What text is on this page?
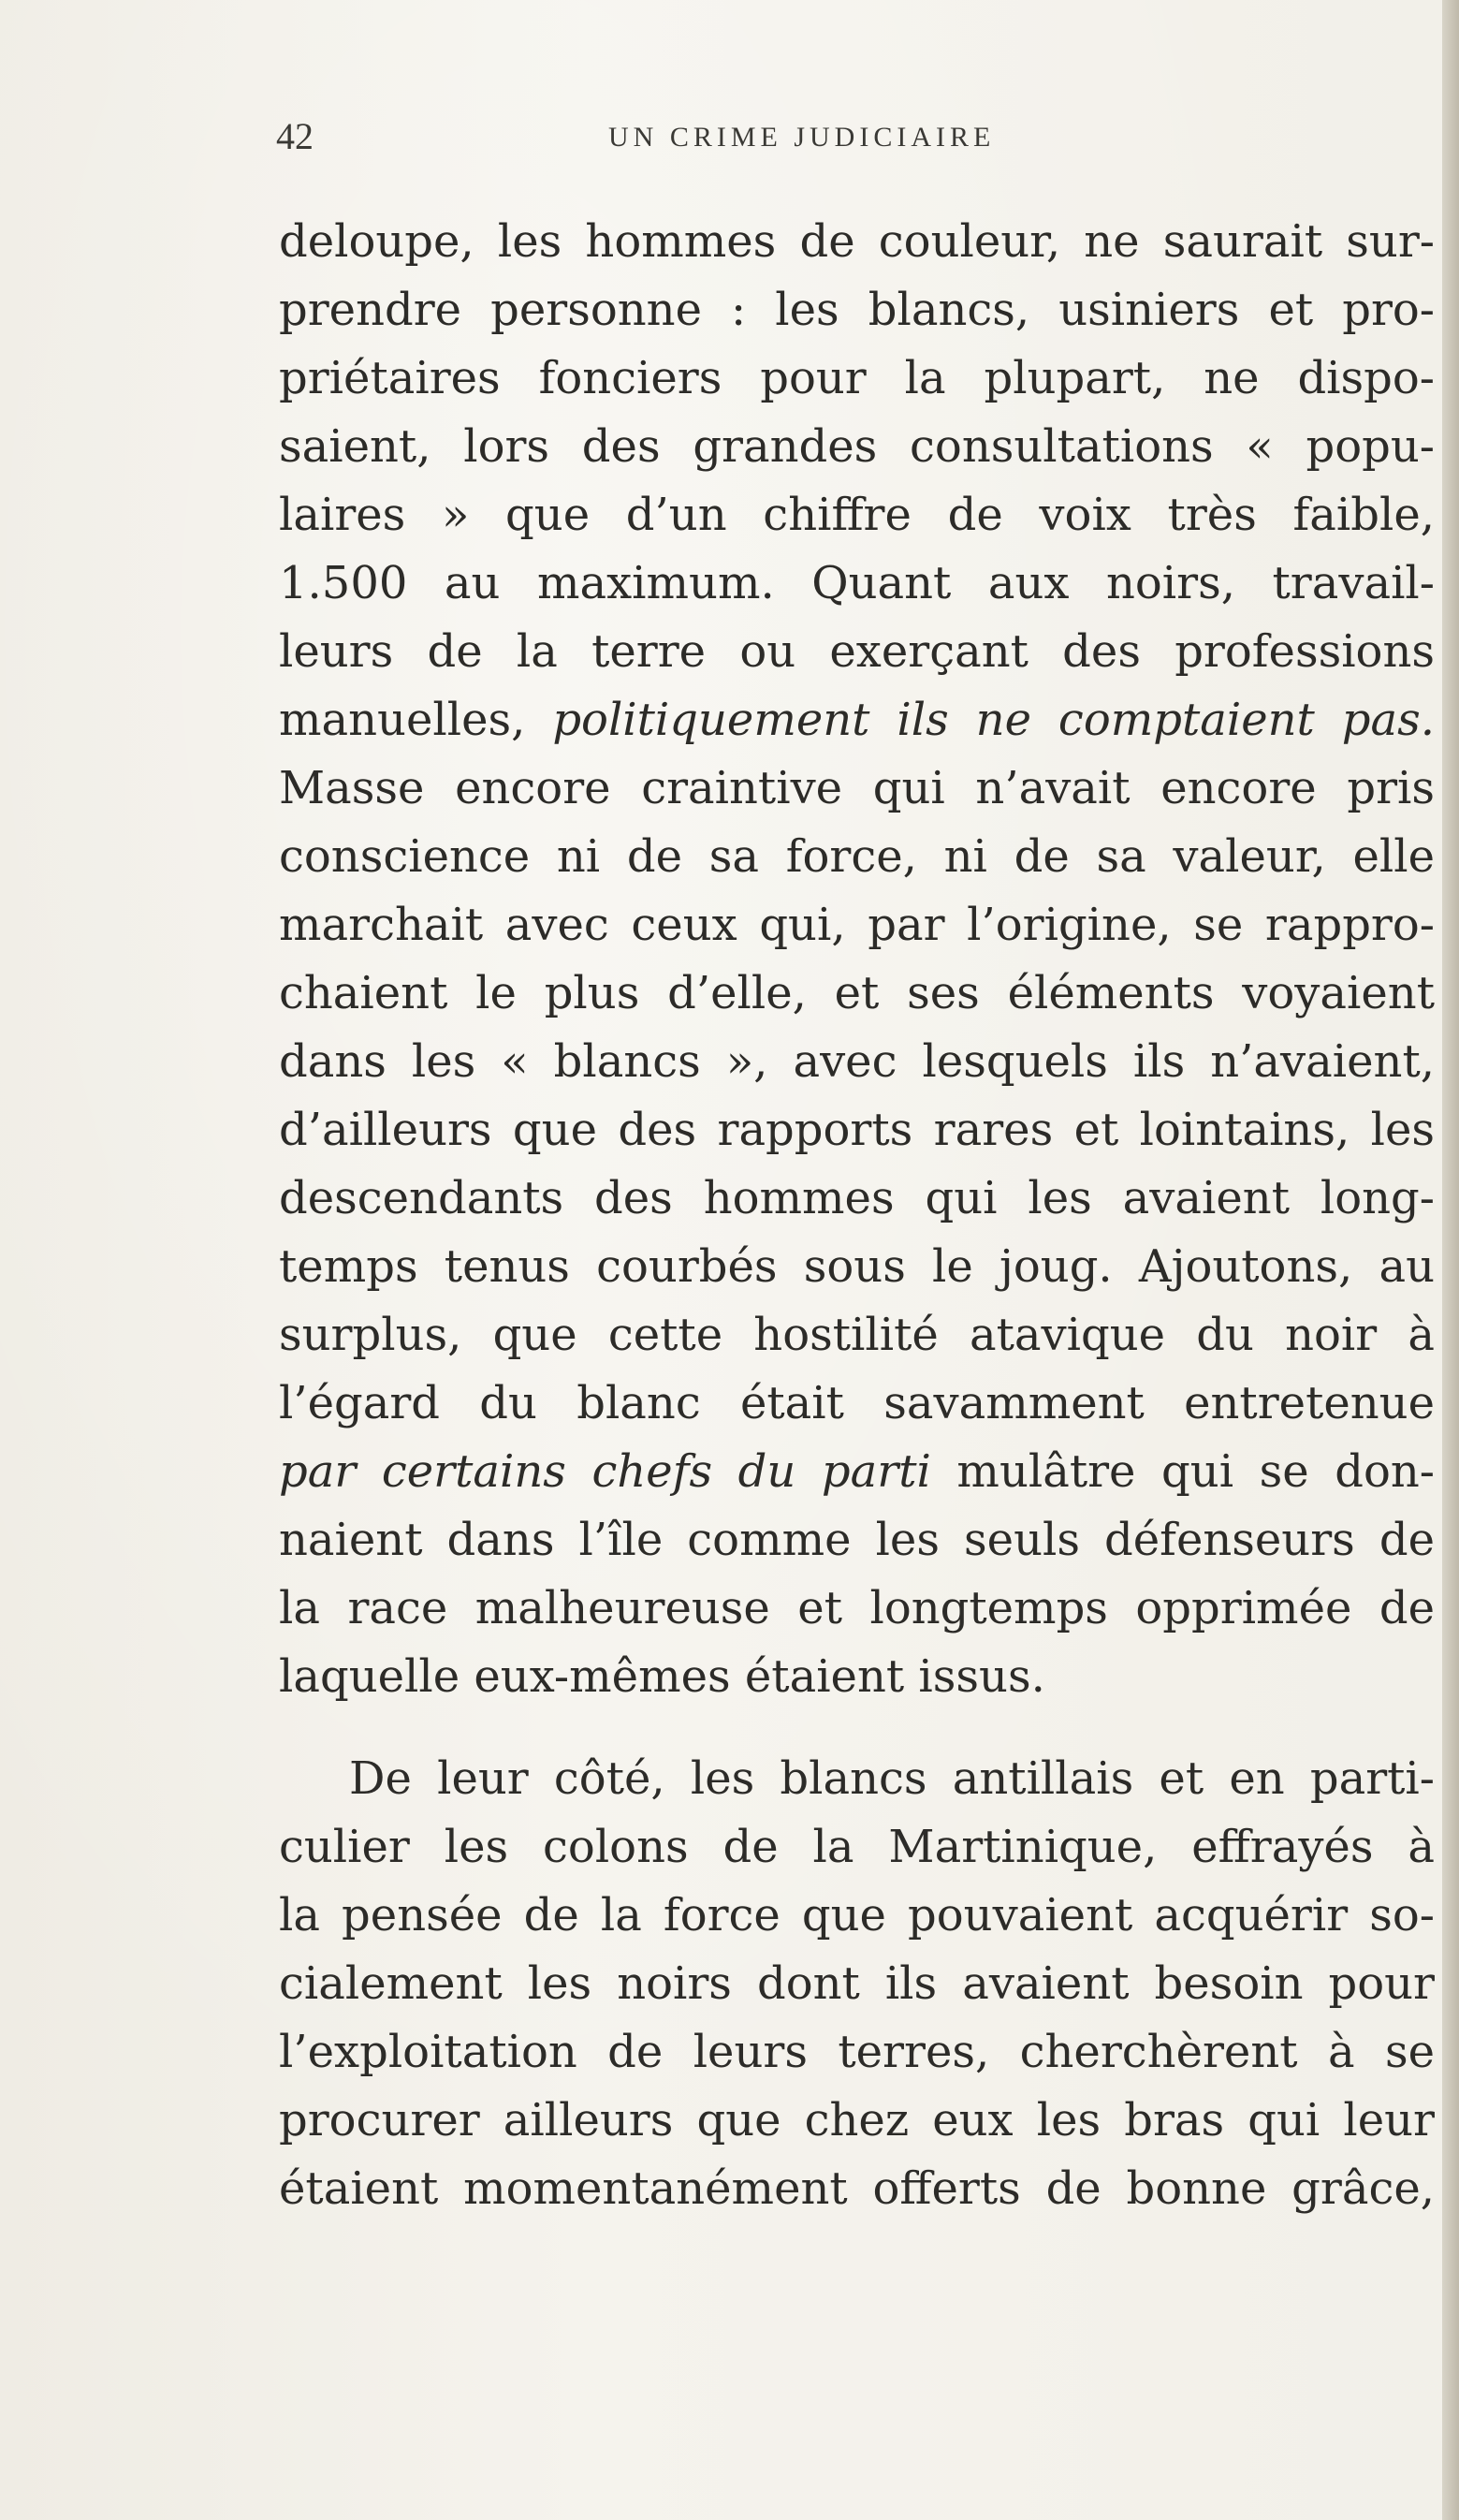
42	UN CRIME JUDICIAIRE
deloupe, les hommes de couleur, ne saurait sur-
prendre personne : les blancs, usiniers et pro-
priétaires fonciers pour la plupart, ne dispo-
saient, lors des grandes consultations « popu-
laires » que d’un chiffre de voix très faible,
1.500 au maximum. Quant aux noirs, travail-
leurs de la terre ou exerçant des professions
manuelles, politiquement ils ne comptaient pas.
Masse encore craintive qui n’avait encore pris
conscience ni de sa force, ni de sa valeur, elle
marchait avec ceux qui, par l’origine, se rappro-
chaient le plus d’elle, et ses éléments voyaient
dans les « blancs », avec lesquels ils n’avaient,
d’ailleurs que des rapports rares et lointains, les
descendants des hommes qui les avaient long-
temps tenus courbés sous le joug. Ajoutons, au
surplus, que cette hostilité atavique du noir à
l’égard du blanc était savamment entretenue
par certains chefs du parti mulâtre qui se don-
naient dans l’île comme les seuls défenseurs de
la race malheureuse et longtemps opprimée de
laquelle eux-mêmes étaient issus.
De leur côté, les blancs antillais et en parti-
culier les colons de la Martinique, effrayés à
la pensée de la force que pouvaient acquérir so-
cialement les noirs dont ils avaient besoin pour
l’exploitation de leurs terres, cherchèrent à se
procurer ailleurs que chez eux les bras qui leur
étaient momentanément offerts de bonne grâce,
